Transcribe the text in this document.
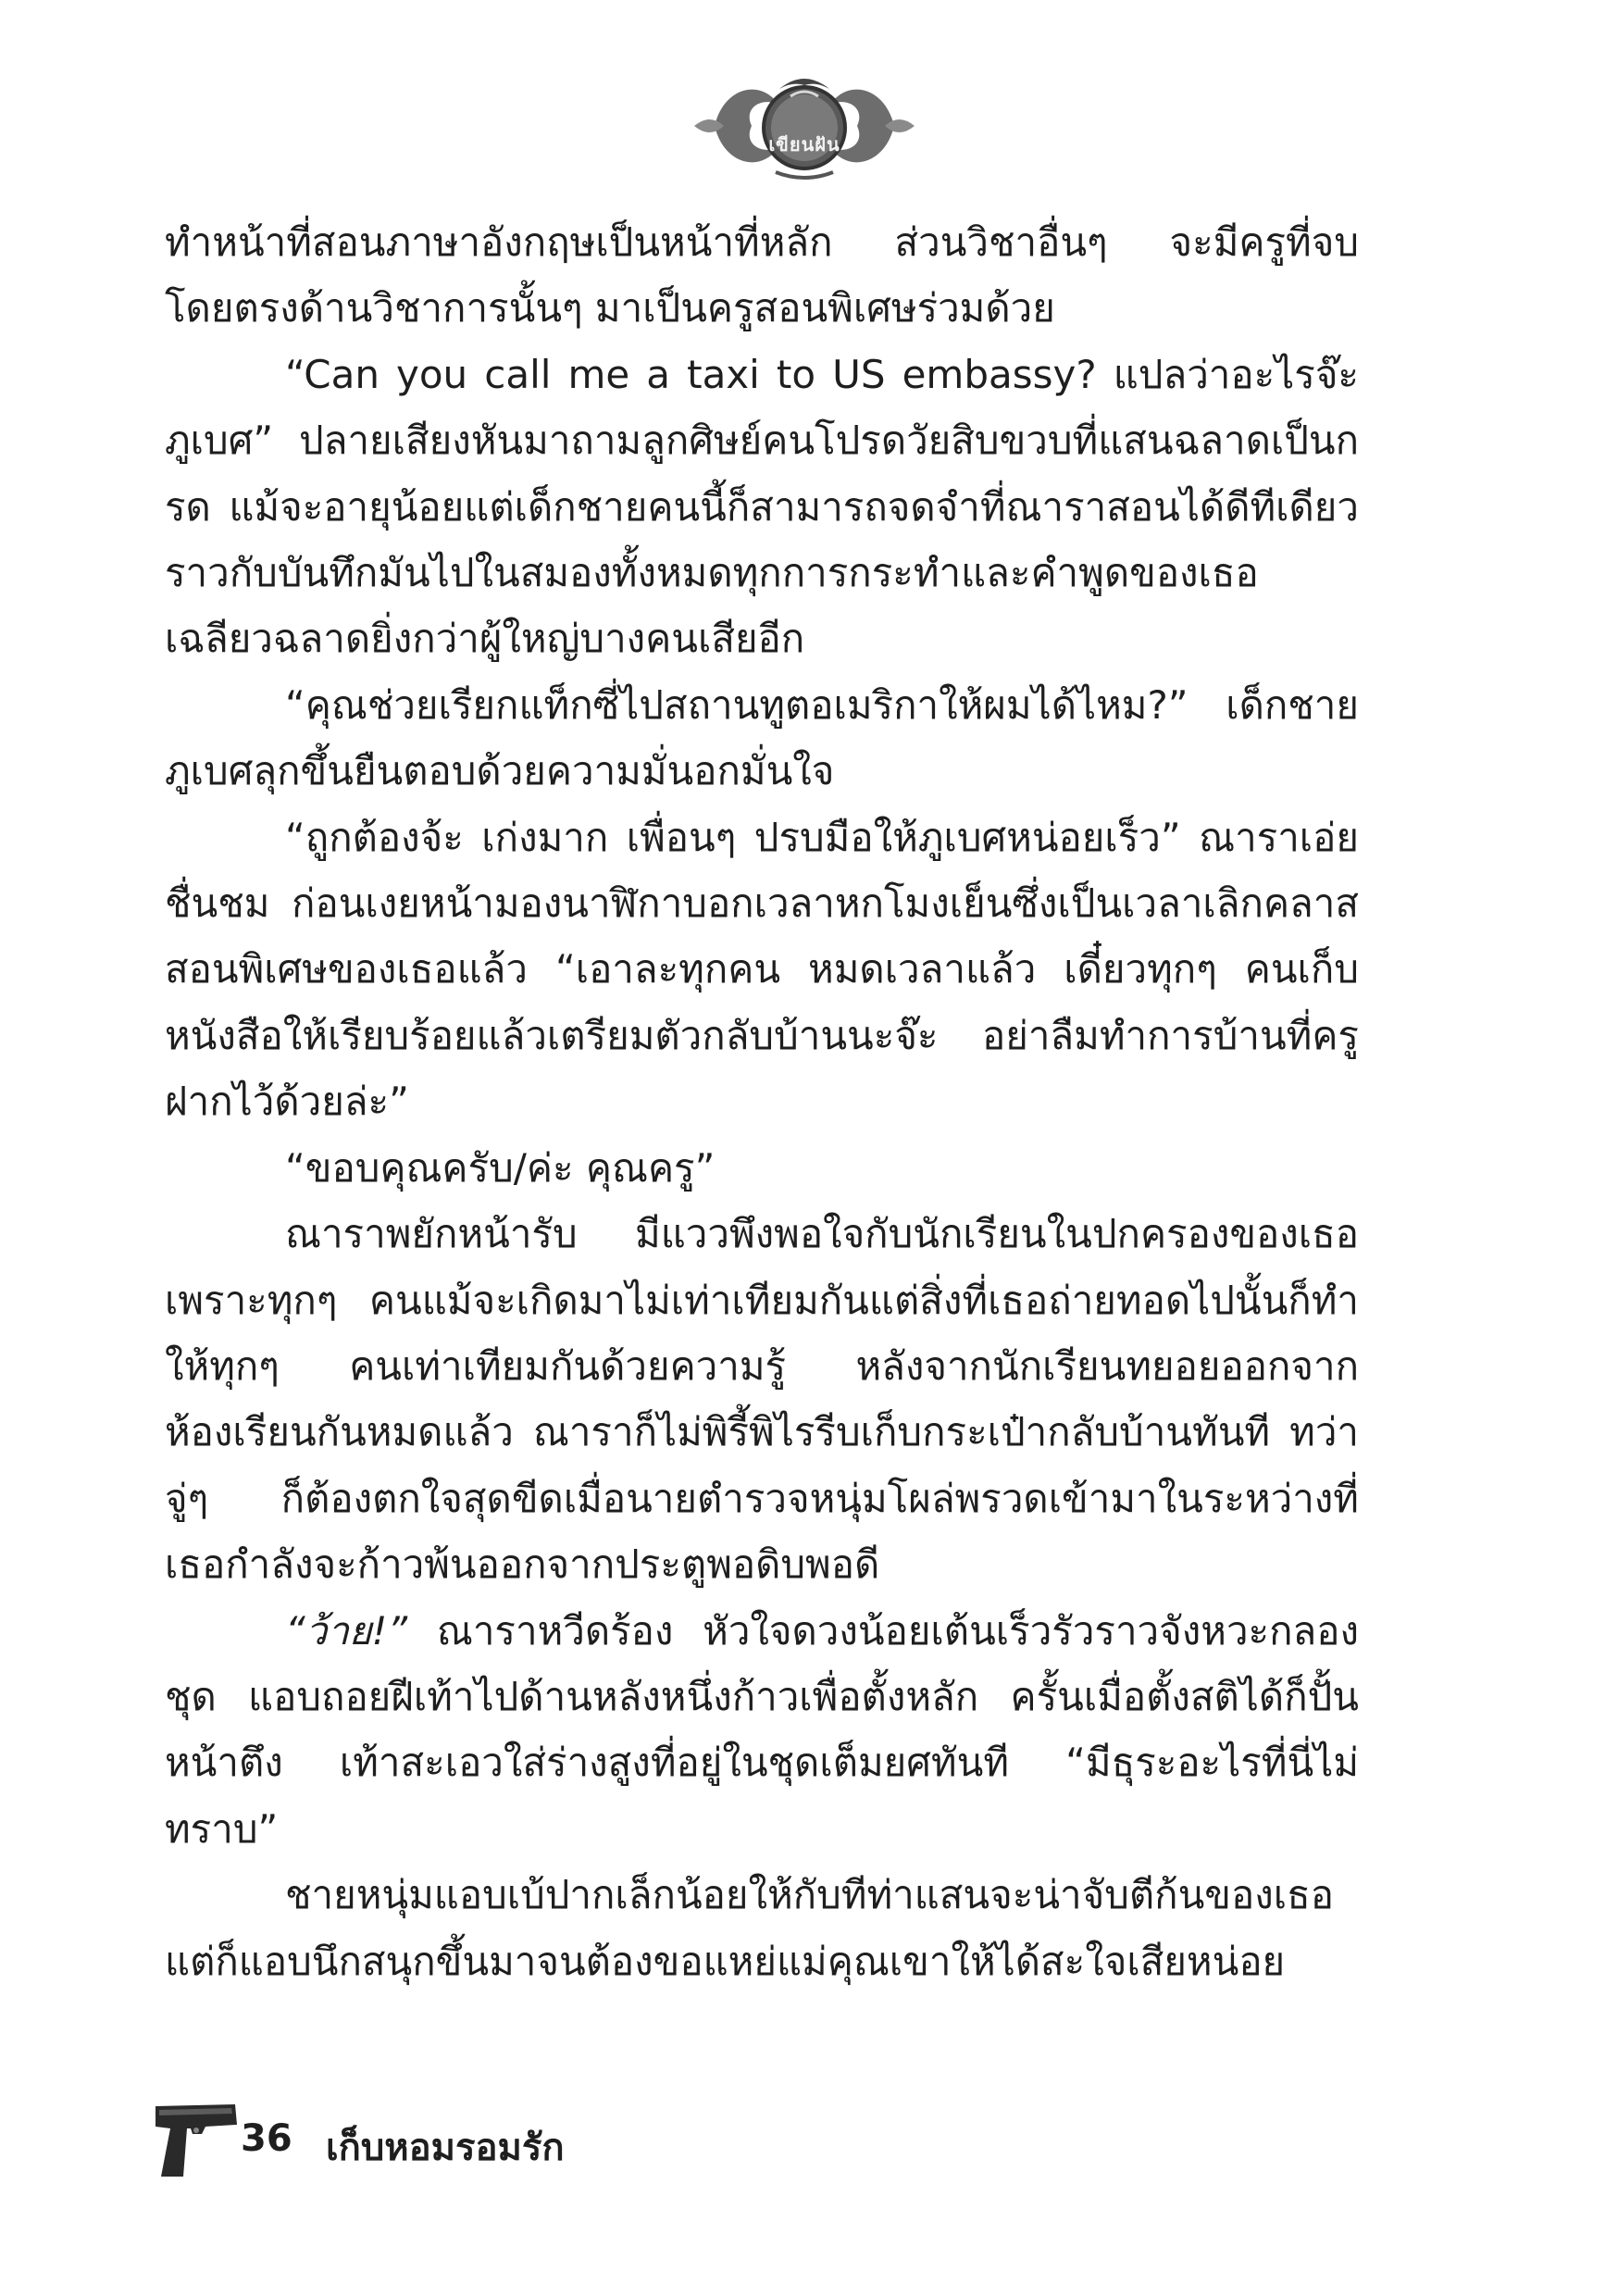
เขียนฝัน

ทำหน้าที่สอนภาษาอังกฤษเป็นหน้าที่หลัก ส่วนวิชาอื่นๆ จะมีครูที่จบโดยตรงด้านวิชาการนั้นๆ มาเป็นครูสอนพิเศษร่วมด้วย

“Can you call me a taxi to US embassy? แปลว่าอะไรจ๊ะ ภูเบศ” ปลายเสียงหันมาถามลูกศิษย์คนโปรดวัยสิบขวบที่แสนฉลาดเป็นกรด แม้จะอายุน้อยแต่เด็กชายคนนี้ก็สามารถจดจำที่ณาราสอนได้ดีทีเดียว ราวกับบันทึกมันไปในสมองทั้งหมดทุกการกระทำและคำพูดของเธอ เฉลียวฉลาดยิ่งกว่าผู้ใหญ่บางคนเสียอีก

“คุณช่วยเรียกแท็กซี่ไปสถานทูตอเมริกาให้ผมได้ไหม?” เด็กชายภูเบศลุกขึ้นยืนตอบด้วยความมั่นอกมั่นใจ

“ถูกต้องจ้ะ เก่งมาก เพื่อนๆ ปรบมือให้ภูเบศหน่อยเร็ว” ณาราเอ่ยชื่นชม ก่อนเงยหน้ามองนาฬิกาบอกเวลาหกโมงเย็นซึ่งเป็นเวลาเลิกคลาสสอนพิเศษของเธอแล้ว “เอาละทุกคน หมดเวลาแล้ว เดี๋ยวทุกๆ คนเก็บหนังสือให้เรียบร้อยแล้วเตรียมตัวกลับบ้านนะจ๊ะ อย่าลืมทำการบ้านที่ครูฝากไว้ด้วยล่ะ”

“ขอบคุณครับ/ค่ะ คุณครู”

ณาราพยักหน้ารับ มีแววพึงพอใจกับนักเรียนในปกครองของเธอ เพราะทุกๆ คนแม้จะเกิดมาไม่เท่าเทียมกันแต่สิ่งที่เธอถ่ายทอดไปนั้นก็ทำให้ทุกๆ คนเท่าเทียมกันด้วยความรู้ หลังจากนักเรียนทยอยออกจากห้องเรียนกันหมดแล้ว ณาราก็ไม่พิรี้พิไรรีบเก็บกระเป๋ากลับบ้านทันที ทว่าจู่ๆ ก็ต้องตกใจสุดขีดเมื่อนายตำรวจหนุ่มโผล่พรวดเข้ามาในระหว่างที่เธอกำลังจะก้าวพ้นออกจากประตูพอดิบพอดี

“ว้าย!” ณาราหวีดร้อง หัวใจดวงน้อยเต้นเร็วรัวราวจังหวะกลองชุด แอบถอยฝีเท้าไปด้านหลังหนึ่งก้าวเพื่อตั้งหลัก ครั้นเมื่อตั้งสติได้ก็ปั้นหน้าตึง เท้าสะเอวใส่ร่างสูงที่อยู่ในชุดเต็มยศทันที “มีธุระอะไรที่นี่ไม่ทราบ”

ชายหนุ่มแอบเบ้ปากเล็กน้อยให้กับทีท่าแสนจะน่าจับตีก้นของเธอ แต่ก็แอบนึกสนุกขึ้นมาจนต้องขอแหย่แม่คุณเขาให้ได้สะใจเสียหน่อย

36 เก็บหอมรอมรัก
